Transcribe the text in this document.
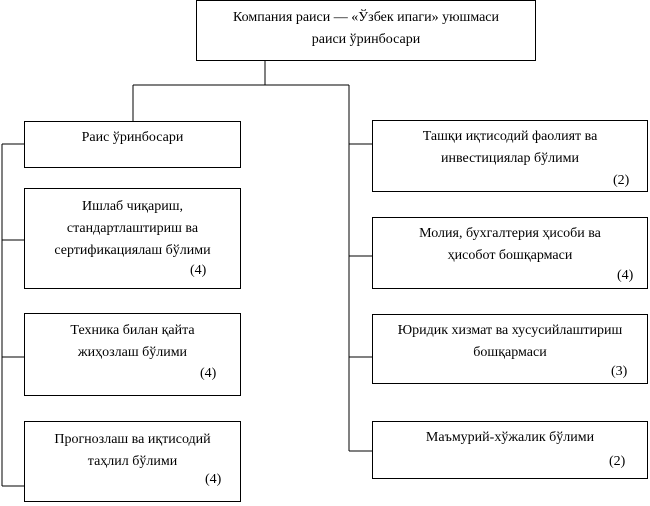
Компания раиси — «Ўзбек ипаги» уюшмаси раиси ўринбосари
Раис ўринбосари
Ишлаб чиқариш, стандартлаштириш ва сертификациялаш бўлими
(4)
Техника билан қайта жиҳозлаш бўлими
(4)
Прогнозлаш ва иқтисодий таҳлил бўлими
(4)
Ташқи иқтисодий фаолият ва инвестициялар бўлими
(2)
Молия, бухгалтерия ҳисоби ва ҳисобот бошқармаси
(4)
Юридик хизмат ва хусусийлаштириш бошқармаси
(3)
Маъмурий-хўжалик бўлими
(2)
